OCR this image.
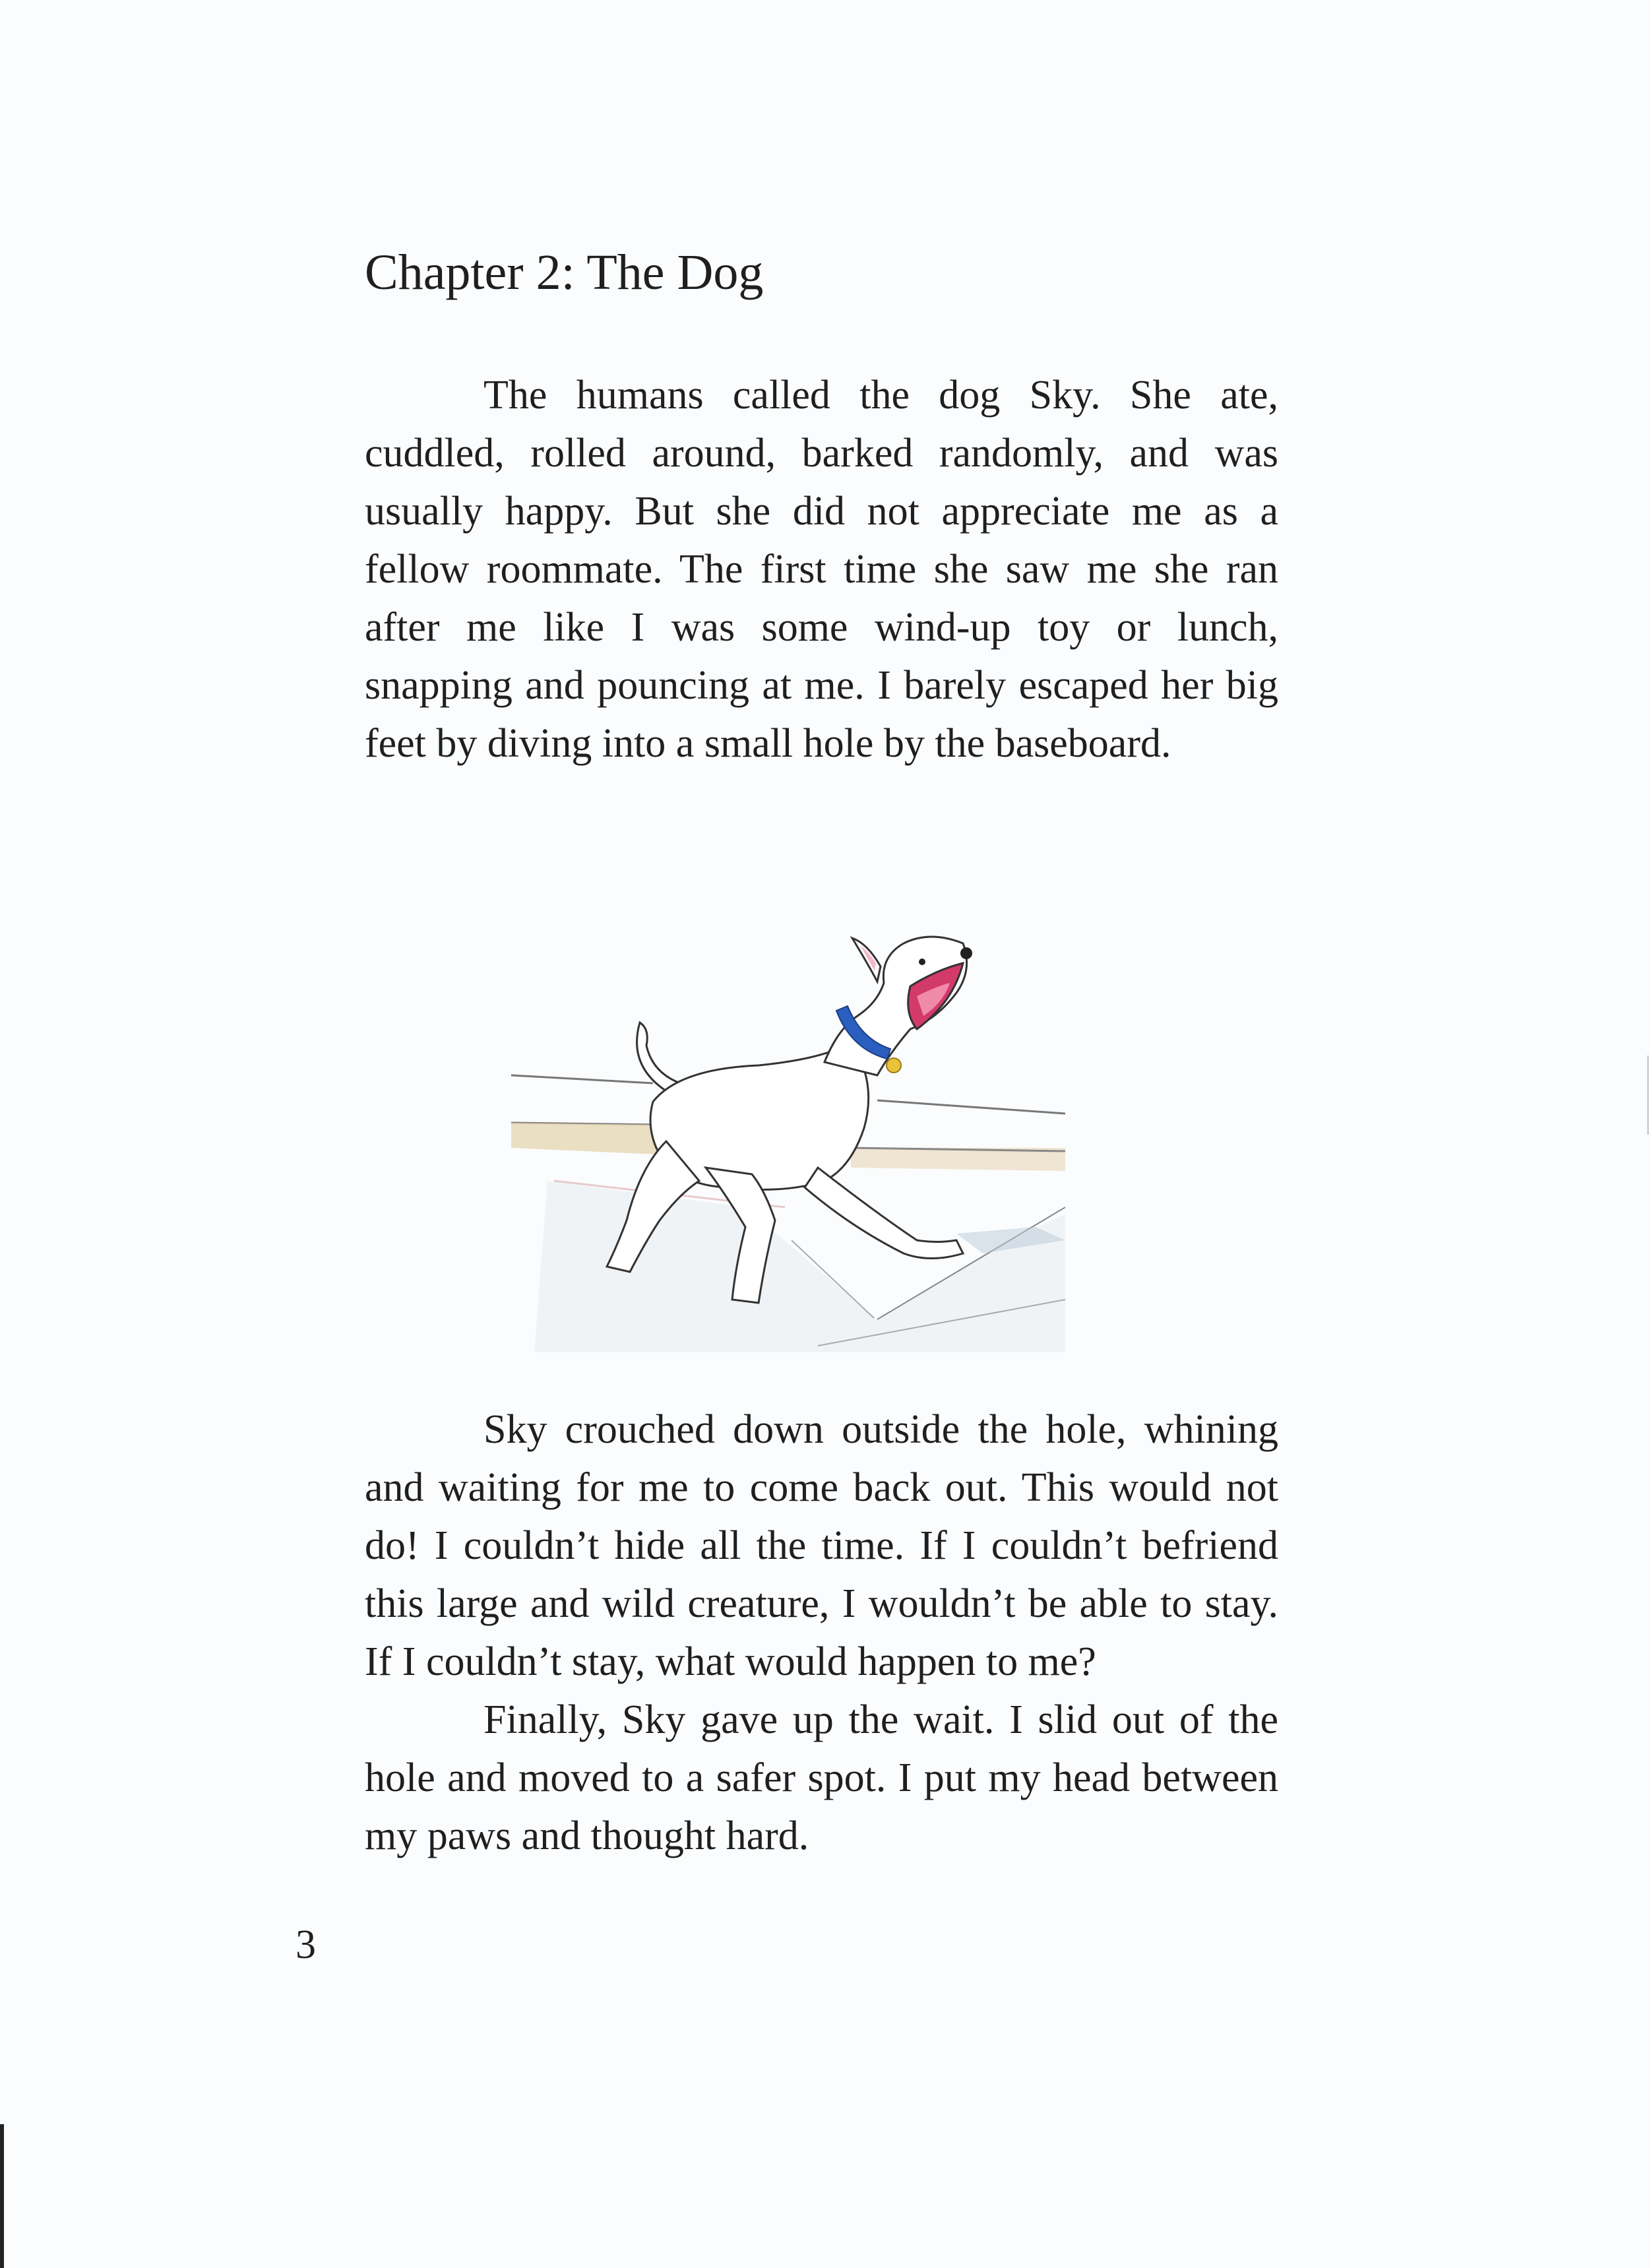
Chapter 2: The Dog

The humans called the dog Sky. She ate, cuddled, rolled around, barked randomly, and was usually happy. But she did not appreciate me as a fellow roommate. The first time she saw me she ran after me like I was some wind-up toy or lunch, snapping and pouncing at me. I barely escaped her big feet by diving into a small hole by the baseboard.

Sky crouched down outside the hole, whining and waiting for me to come back out. This would not do! I couldn’t hide all the time. If I couldn’t befriend this large and wild creature, I wouldn’t be able to stay. If I couldn’t stay, what would happen to me?

Finally, Sky gave up the wait. I slid out of the hole and moved to a safer spot. I put my head between my paws and thought hard.

3
